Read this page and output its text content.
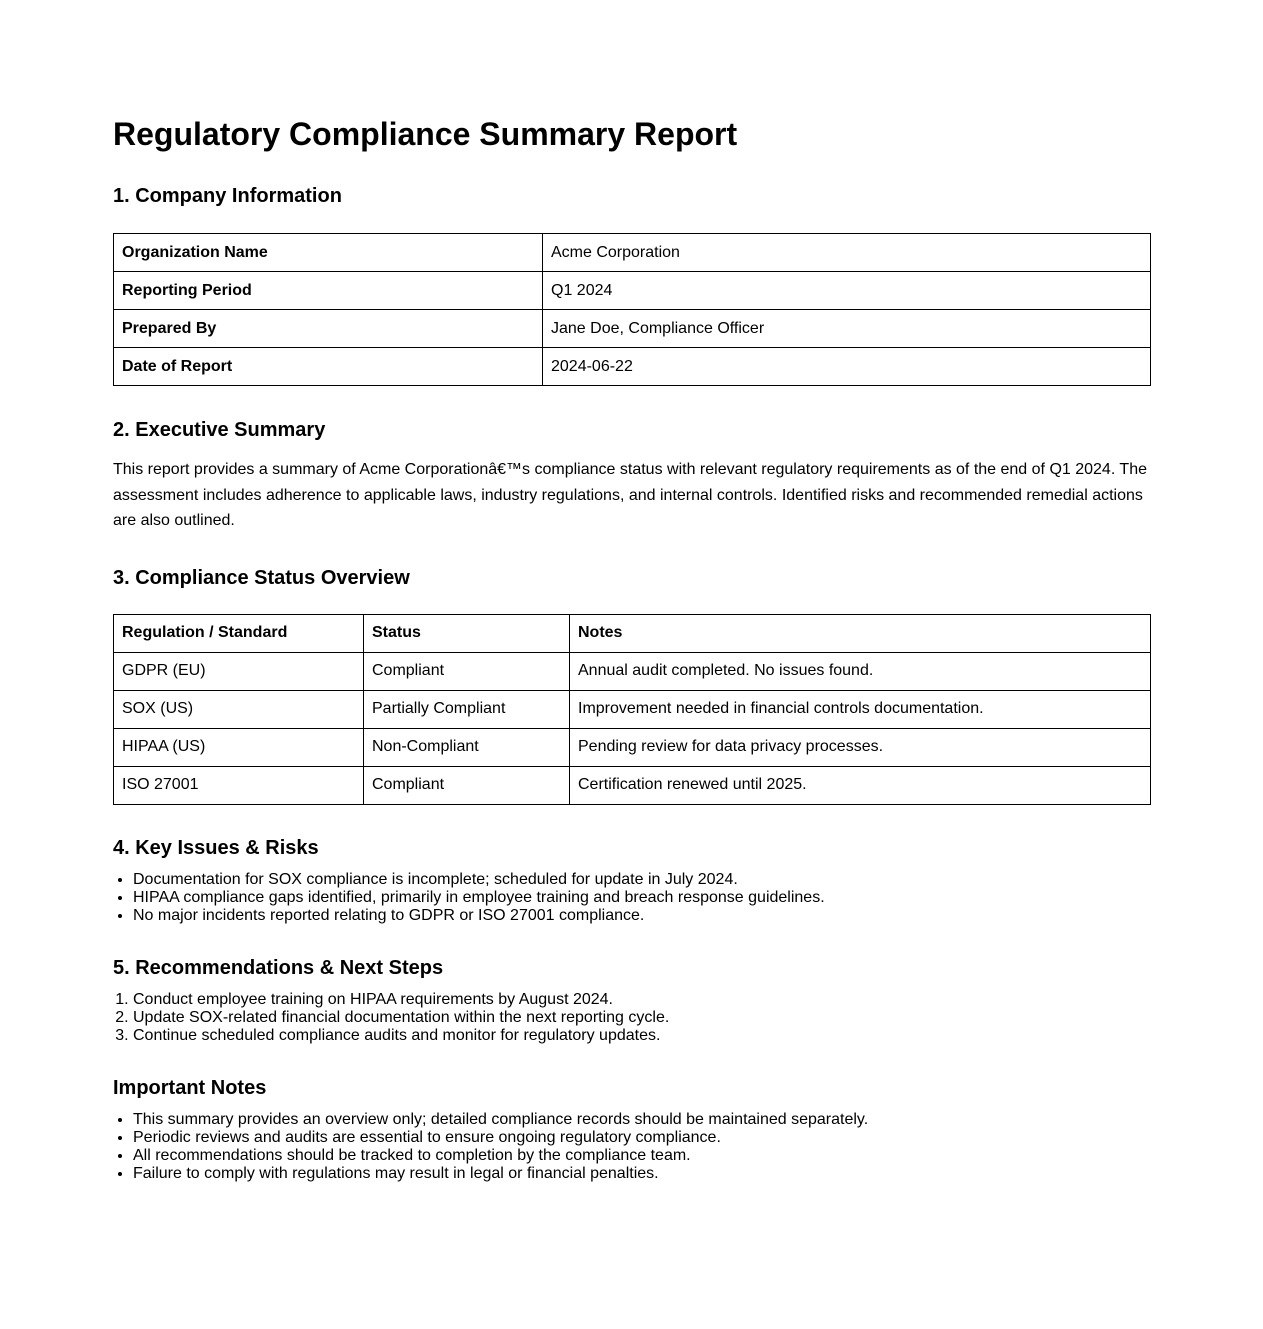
Regulatory Compliance Summary Report
1. Company Information
Organization Name	Acme Corporation
Reporting Period	Q1 2024
Prepared By	Jane Doe, Compliance Officer
Date of Report	2024-06-22
2. Executive Summary

This report provides a summary of Acme Corporationâ€™s compliance status with relevant regulatory requirements as of the end of Q1 2024. The assessment includes adherence to applicable laws, industry regulations, and internal controls. Identified risks and recommended remedial actions are also outlined.

3. Compliance Status Overview
Regulation / Standard	Status	Notes
GDPR (EU)	Compliant	Annual audit completed. No issues found.
SOX (US)	Partially Compliant	Improvement needed in financial controls documentation.
HIPAA (US)	Non-Compliant	Pending review for data privacy processes.
ISO 27001	Compliant	Certification renewed until 2025.
4. Key Issues & Risks
• Documentation for SOX compliance is incomplete; scheduled for update in July 2024.
• HIPAA compliance gaps identified, primarily in employee training and breach response guidelines.
• No major incidents reported relating to GDPR or ISO 27001 compliance.
5. Recommendations & Next Steps
1. Conduct employee training on HIPAA requirements by August 2024.
2. Update SOX-related financial documentation within the next reporting cycle.
3. Continue scheduled compliance audits and monitor for regulatory updates.
Important Notes
• This summary provides an overview only; detailed compliance records should be maintained separately.
• Periodic reviews and audits are essential to ensure ongoing regulatory compliance.
• All recommendations should be tracked to completion by the compliance team.
• Failure to comply with regulations may result in legal or financial penalties.
